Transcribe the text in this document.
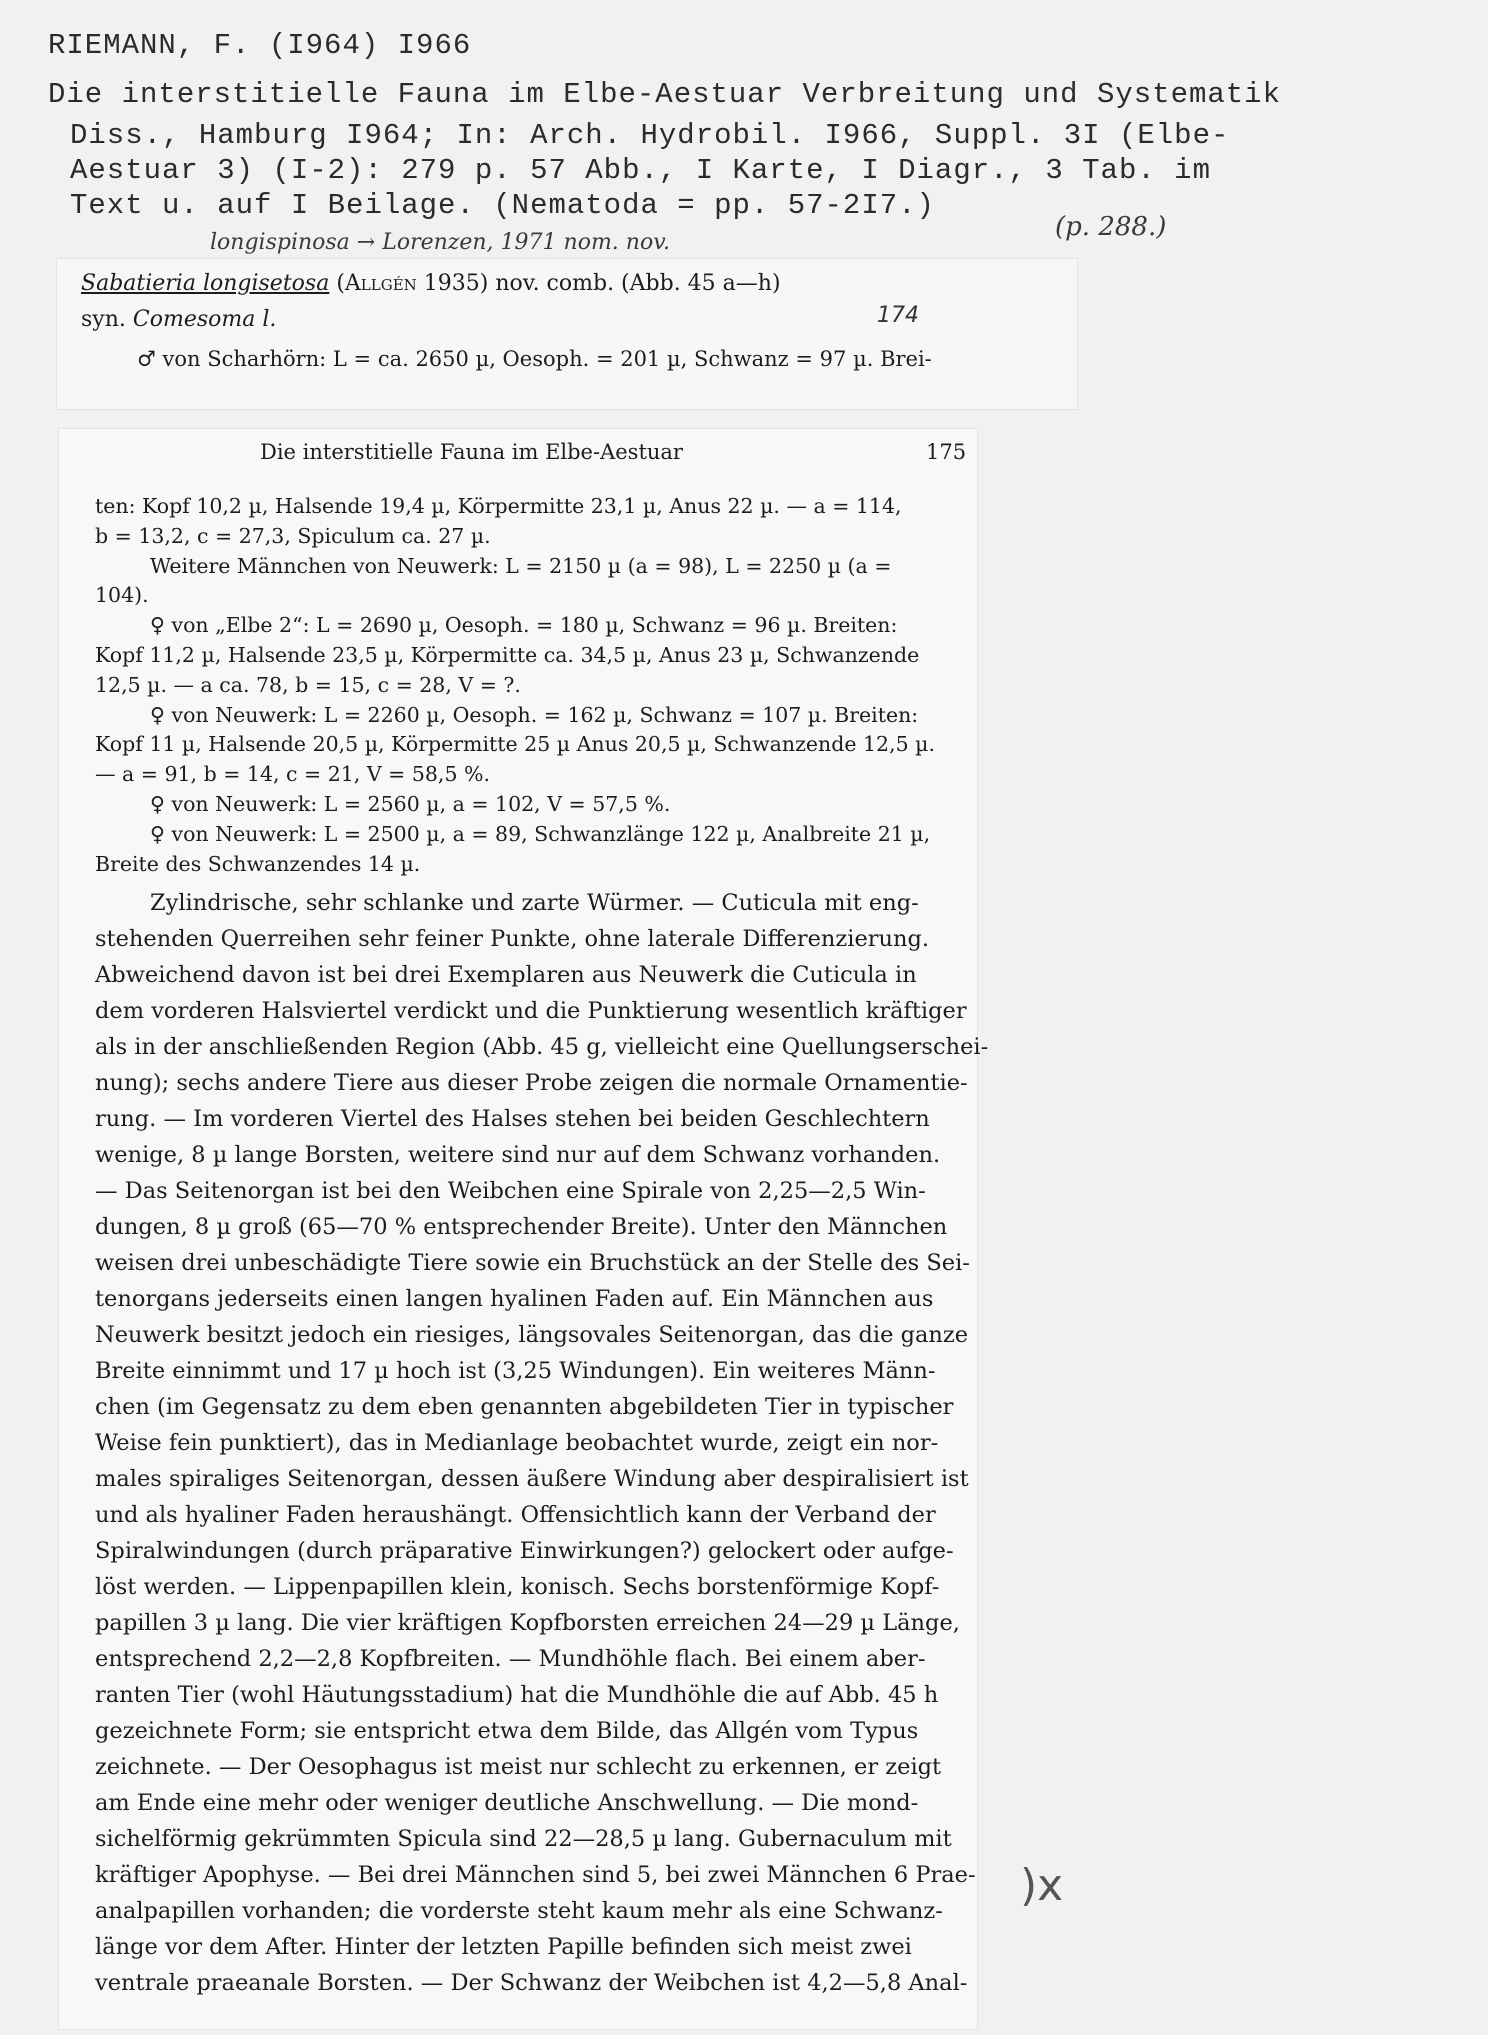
RIEMANN, F. (I964) I966
Die interstitielle Fauna im Elbe-Aestuar Verbreitung und Systematik
Diss., Hamburg I964; In: Arch. Hydrobil. I966, Suppl. 3I (Elbe-
Aestuar 3) (I-2): 279 p. 57 Abb., I Karte, I Diagr., 3 Tab. im
Text u. auf I Beilage. (Nematoda = pp. 57-2I7.)
longispinosa → Lorenzen, 1971 nom. nov.
(p. 288.)
Sabatieria longisetosa (Allgén 1935) nov. comb. (Abb. 45 a—h)
syn. Comesoma l.	174
♂ von Scharhörn: L = ca. 2650 µ, Oesoph. = 201 µ, Schwanz = 97 µ. Brei-
Die interstitielle Fauna im Elbe-Aestuar	175
ten: Kopf 10,2 µ, Halsende 19,4 µ, Körpermitte 23,1 µ, Anus 22 µ. — a = 114,
b = 13,2, c = 27,3, Spiculum ca. 27 µ.
Weitere Männchen von Neuwerk: L = 2150 µ (a = 98), L = 2250 µ (a =
104).
♀ von „Elbe 2“: L = 2690 µ, Oesoph. = 180 µ, Schwanz = 96 µ. Breiten:
Kopf 11,2 µ, Halsende 23,5 µ, Körpermitte ca. 34,5 µ, Anus 23 µ, Schwanzende
12,5 µ. — a ca. 78, b = 15, c = 28, V = ?.
♀ von Neuwerk: L = 2260 µ, Oesoph. = 162 µ, Schwanz = 107 µ. Breiten:
Kopf 11 µ, Halsende 20,5 µ, Körpermitte 25 µ Anus 20,5 µ, Schwanzende 12,5 µ.
— a = 91, b = 14, c = 21, V = 58,5 %.
♀ von Neuwerk: L = 2560 µ, a = 102, V = 57,5 %.
♀ von Neuwerk: L = 2500 µ, a = 89, Schwanzlänge 122 µ, Analbreite 21 µ,
Breite des Schwanzendes 14 µ.
Zylindrische, sehr schlanke und zarte Würmer. — Cuticula mit eng-
stehenden Querreihen sehr feiner Punkte, ohne laterale Differenzierung.
Abweichend davon ist bei drei Exemplaren aus Neuwerk die Cuticula in
dem vorderen Halsviertel verdickt und die Punktierung wesentlich kräftiger
als in der anschließenden Region (Abb. 45 g, vielleicht eine Quellungserschei-
nung); sechs andere Tiere aus dieser Probe zeigen die normale Ornamentie-
rung. — Im vorderen Viertel des Halses stehen bei beiden Geschlechtern
wenige, 8 µ lange Borsten, weitere sind nur auf dem Schwanz vorhanden.
— Das Seitenorgan ist bei den Weibchen eine Spirale von 2,25—2,5 Win-
dungen, 8 µ groß (65—70 % entsprechender Breite). Unter den Männchen
weisen drei unbeschädigte Tiere sowie ein Bruchstück an der Stelle des Sei-
tenorgans jederseits einen langen hyalinen Faden auf. Ein Männchen aus
Neuwerk besitzt jedoch ein riesiges, längsovales Seitenorgan, das die ganze
Breite einnimmt und 17 µ hoch ist (3,25 Windungen). Ein weiteres Männ-
chen (im Gegensatz zu dem eben genannten abgebildeten Tier in typischer
Weise fein punktiert), das in Medianlage beobachtet wurde, zeigt ein nor-
males spiraliges Seitenorgan, dessen äußere Windung aber despiralisiert ist
und als hyaliner Faden heraushängt. Offensichtlich kann der Verband der
Spiralwindungen (durch präparative Einwirkungen?) gelockert oder aufge-
löst werden. — Lippenpapillen klein, konisch. Sechs borstenförmige Kopf-
papillen 3 µ lang. Die vier kräftigen Kopfborsten erreichen 24—29 µ Länge,
entsprechend 2,2—2,8 Kopfbreiten. — Mundhöhle flach. Bei einem aber-
ranten Tier (wohl Häutungsstadium) hat die Mundhöhle die auf Abb. 45 h
gezeichnete Form; sie entspricht etwa dem Bilde, das Allgén vom Typus
zeichnete. — Der Oesophagus ist meist nur schlecht zu erkennen, er zeigt
am Ende eine mehr oder weniger deutliche Anschwellung. — Die mond-
sichelförmig gekrümmten Spicula sind 22—28,5 µ lang. Gubernaculum mit
kräftiger Apophyse. — Bei drei Männchen sind 5, bei zwei Männchen 6 Prae-
analpapillen vorhanden; die vorderste steht kaum mehr als eine Schwanz-
länge vor dem After. Hinter der letzten Papille befinden sich meist zwei
ventrale praeanale Borsten. — Der Schwanz der Weibchen ist 4,2—5,8 Anal-
)x
